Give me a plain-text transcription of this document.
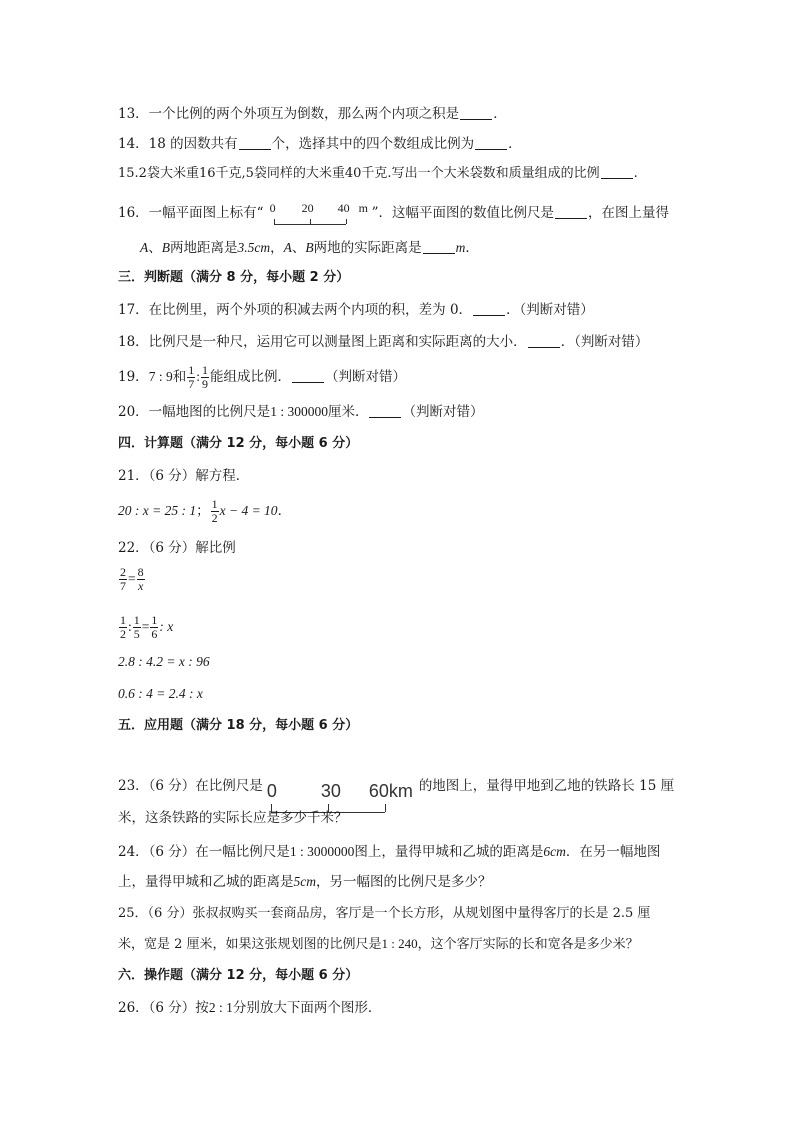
13．一个比例的两个外项互为倒数，那么两个内项之积是	．
14．18 的因数共有	个，选择其中的四个数组成比例为	．
15.2袋大米重16千克,5袋同样的大米重40千克.写出一个大米袋数和质量组成的比例	.
16．一幅平面图上标有“ 0 20 40 m ”．这幅平面图的数值比例尺是	，在图上量得
A、B两地距离是3.5cm，A、B两地的实际距离是	m．
三．判断题（满分 8 分，每小题 2 分）
17．在比例里，两个外项的积减去两个内项的积，差为 0．	．（判断对错）
18．比例尺是一种尺，运用它可以测量图上距离和实际距离的大小．	．（判断对错）
19．7 : 9和 $\frac{1}{7}$ : $\frac{1}{9}$ 能组成比例．	（判断对错）
20．一幅地图的比例尺是1 : 300000厘米．	（判断对错）
四．计算题（满分 12 分，每小题 6 分）
21．（6 分）解方程．
20 : x = 25 : 1； $\frac{1}{2}$ x − 4 = 10．
22．（6 分）解比例
$\frac{2}{7} = \frac{8}{x}$
$\frac{1}{2}$ : $\frac{1}{5} = \frac{1}{6}$ : x
2.8 : 4.2 = x : 96
0.6 : 4 = 2.4 : x
五．应用题（满分 18 分，每小题 6 分）
23．（6 分）在比例尺是 0 30 60km 的地图上，量得甲地到乙地的铁路长 15 厘
米，这条铁路的实际长应是多少千米？
24．（6 分）在一幅比例尺是1 : 3000000图上，量得甲城和乙城的距离是6cm．在另一幅地图
上，量得甲城和乙城的距离是5cm，另一幅图的比例尺是多少？
25．（6 分）张叔叔购买一套商品房，客厅是一个长方形，从规划图中量得客厅的长是 2.5 厘
米，宽是 2 厘米，如果这张规划图的比例尺是1 : 240，这个客厅实际的长和宽各是多少米？
六．操作题（满分 12 分，每小题 6 分）
26．（6 分）按2 : 1分别放大下面两个图形．
